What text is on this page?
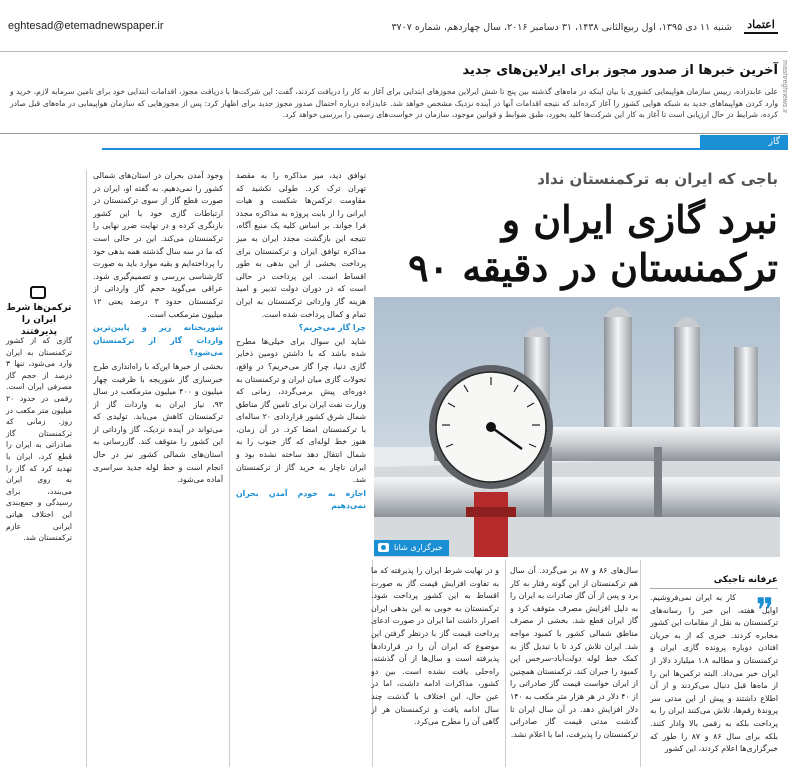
اعتماد
شنبه ۱۱ دی ۱۳۹۵، اول ربیع‌الثانی ۱۴۳۸، ۳۱ دسامبر ۲۰۱۶، سال چهاردهم، شماره ۳۷۰۷
eghtesad@etemadnewspaper.ir
آخرین خبرها از صدور مجوز برای ایرلاین‌های جدید
علی عابدزاده، رییس سازمان هواپیمایی کشوری با بیان اینکه در ماه‌های گذشته بین پنج تا شش ایرلاین مجوزهای ابتدایی برای آغاز به کار را دریافت کردند، گفت: این شرکت‌ها با دریافت مجوز، اقدامات ابتدایی خود برای تامین سرمایه لازم، خرید و وارد کردن هواپیماهای جدید به شبکه هوایی کشور را آغاز کرده‌اند که نتیجه اقدامات آنها در آینده نزدیک مشخص خواهد شد. عابدزاده درباره احتمال صدور مجوز جدید برای اظهار کرد: پس از مجوزهایی که سازمان هواپیمایی در ماه‌های قبل صادر کرده، شرایط در حال ارزیابی است تا آغاز به کار این شرکت‌ها کلید بخورد، طبق ضوابط و قوانین موجود، سازمان در خواست‌های رسمی را بررسی خواهد کرد.
گاز
باجی که ایران به ترکمنستان نداد
نبرد گازی ایران و ترکمنستان در دقیقه ۹۰
خبرگزاری شانا
عرفانه تاجیکی
❞

کار به ایران نمی‌فروشیم. اوایل هفته، این خبر را رسانه‌های ترکمنستان به نقل از مقامات این کشور مخابره کردند. خبری که از به جریان افتادن دوباره پرونده گازی ایران و ترکمنستان و مطالبه ۱.۸ میلیارد دلار از ایران خبر می‌داد. البته ترکمن‌ها این را از ماه‌ها قبل دنبال می‌کردند و از آن اطلاع داشتند و پیش از این مدتی سر پروندهٔ رقم‌ها، تلاش می‌کنند ایران را به پرداخت بلکه به رقمی بالا وادار کنند. بلکه برای سال ۸۶ و ۸۷ را طور که خبرگزاری‌ها اعلام کردند، این کشور

سال‌های ۸۶ و ۸۷ بر می‌گردد. آن سال هم ترکمنستان از این گونه رفتار به کار برد و پس از آن گاز صادرات به ایران را به دلیل افزایش مصرف متوقف کرد و گاز ایران قطع شد. بخشی از مصرف مناطق شمالی کشور با کمبود مواجه شد. ایران تلاش کرد تا با تبدیل گاز به کمک خط لوله دولت‌آباد-سرخس این کمبود را جبران کند. ترکمنستان همچنین از ایران خواست قیمت گاز صادراتی را از ۴۰ دلار در هر هزار متر مکعب به ۱۴۰ دلار افزایش دهد. در آن سال ایران تا گذشت مدتی قیمت گاز صادراتی ترکمنستان را پذیرفت، اما با اعلام نشد.

و در نهایت شرط ایران را پذیرفته که ما به تفاوت افزایش قیمت گاز به صورت اقساط به این کشور پرداخت شود. ترکمنستان به خوبی به این بدهی ایران اصرار داشت اما ایران در صورت ادعای پرداخت قیمت گاز با درنظر گرفتن این موضوع که ایران آن را در قراردادها پذیرفته است و سال‌ها از آن گذشته، راه‌حلی یافت نشده است. بین دو کشور، مذاکرات ادامه داشت، اما در عین حال، این اختلاف با گذشت چند سال ادامه یافت و ترکمنستان هر از گاهی آن را مطرح می‌کرد.

توافق دید، میز مذاکره را به مقصد تهران ترک کرد. طولی نکشید که مقاومت ترکمن‌ها شکست و هیات ایرانی را از بابت پروژه به مذاکره مجدد فرا خواند. بر اساس کلیه یک منبع آگاه، نتیجه این بازگشت مجدد ایران به میز مذاکره توافق ایران و ترکمنستان برای پرداخت بخشی از این بدهی به طور اقساط است. این پرداخت در حالی است که در دوران دولت تدبیر و امید هزینه گاز وارداتی ترکمنستان به ایران تمام و کمال پرداخت شده است.

چرا گاز می‌خریم؟

شاید این سوال برای خیلی‌ها مطرح شده باشد که با داشتن دومین ذخایر گازی دنیا، چرا گاز می‌خریم؟ در واقع، تحولات گازی میان ایران و ترکمنستان به دوره‌ای پیش برمی‌گردد، زمانی که وزارت نفت ایران برای تامین گاز مناطق شمال شرق کشور قراردادی ۲۰ ساله‌ای با ترکمنستان امضا کرد. در آن زمان، هنوز خط لوله‌ای که گاز جنوب را به شمال انتقال دهد ساخته نشده بود و ایران ناچار به خرید گاز از ترکمنستان شد.

اجازه به خودم آمدن بحران نمی‌دهیم

وجود آمدن بحران در استان‌های شمالی کشور را نمی‌دهیم. به گفته او، ایران در صورت قطع گاز از سوی ترکمنستان در ارتباطات گازی خود با این کشور بازنگری کرده و در نهایت ضرر نهایی را ترکمنستان می‌کند. این در حالی است که ما در سه سال گذشته همه بدهی خود را پرداخته‌ایم و بقیه موارد باید به صورت کارشناسی بررسی و تصمیم‌گیری شود. عراقی می‌گوید حجم گاز وارداتی از ترکمنستان حدود ۳ درصد یعنی ۱۲ میلیون مترمکعب است.

شوربختانه زیر و پایین‌ترین واردات گاز از ترکمنستان می‌شود؟

بخشی از خبرها این‌که با راه‌اندازی طرح خبرسازی گاز شوریجه با ظرفیت چهار میلیون و ۴۰۰ میلیون مترمکعب در سال ۹۳، نیاز ایران به واردات گاز از ترکمنستان کاهش می‌یابد. تولیدی که می‌تواند در آینده نزدیک، گاز وارداتی از این کشور را متوقف کند. گازرسانی به استان‌های شمالی کشور نیز در حال انجام است و خط لوله جدید سراسری آماده می‌شود.

ترکمن‌ها شرط ایران را پذیرفتند
گازی که از کشور ترکمنستان به ایران وارد می‌شود، تنها ۳ درصد از حجم گاز مصرفی ایران است. رقمی در حدود ۲۰ میلیون متر مکعب در روز. زمانی که ترکمنستان گاز صادراتی به ایران را قطع کرد، ایران با تهدید کرد که گاز را به روی ایران می‌بندد، برای رسیدگی و جمع‌بندی این اختلاف هیاتی ایرانی عازم ترکمنستان شد.
mashreghnews.ir
